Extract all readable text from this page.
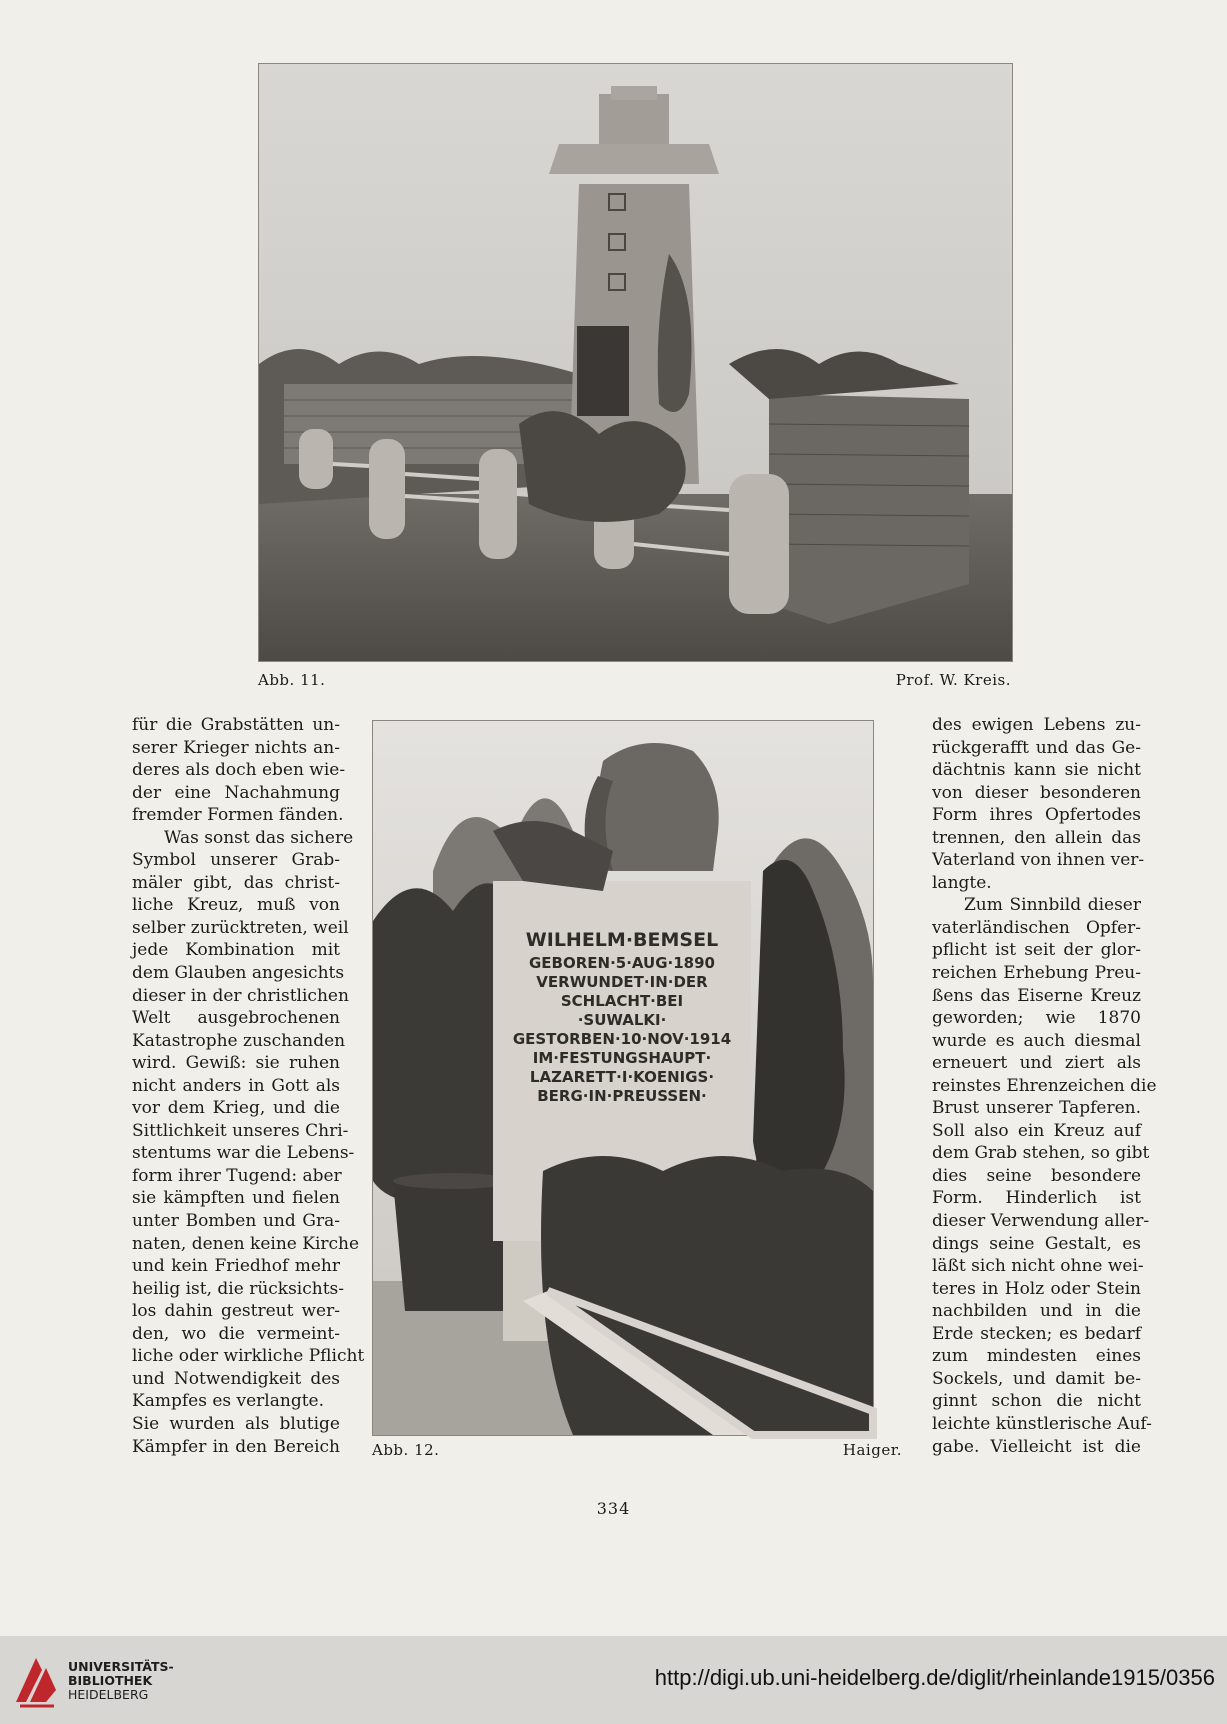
Abb. 11.	Prof. W. Kreis.
für die Grabstätten un-
serer Krieger nichts an-
deres als doch eben wie-
der eine Nachahmung
fremder Formen fänden.
Was sonst das sichere
Symbol unserer Grab-
mäler gibt, das christ-
liche Kreuz, muß von
selber zurücktreten, weil
jede Kombination mit
dem Glauben angesichts
dieser in der christlichen
Welt ausgebrochenen
Katastrophe zuschanden
wird. Gewiß: sie ruhen
nicht anders in Gott als
vor dem Krieg, und die
Sittlichkeit unseres Chri-
stentums war die Lebens-
form ihrer Tugend: aber
sie kämpften und fielen
unter Bomben und Gra-
naten, denen keine Kirche
und kein Friedhof mehr
heilig ist, die rücksichts-
los dahin gestreut wer-
den, wo die vermeint-
liche oder wirkliche Pflicht
und Notwendigkeit des
Kampfes es verlangte.
Sie wurden als blutige
Kämpfer in den Bereich
WILHELM·BEMSEL GEBOREN·5·AUG·1890 VERWUNDET·IN·DER SCHLACHT·BEI ·SUWALKI· GESTORBEN·10·NOV·1914 IM·FESTUNGSHAUPT· LAZARETT·I·KOENIGS· BERG·IN·PREUSSEN·
Abb. 12.	Haiger.
des ewigen Lebens zu-
rückgerafft und das Ge-
dächtnis kann sie nicht
von dieser besonderen
Form ihres Opfertodes
trennen, den allein das
Vaterland von ihnen ver-
langte.
Zum Sinnbild dieser
vaterländischen Opfer-
pflicht ist seit der glor-
reichen Erhebung Preu-
ßens das Eiserne Kreuz
geworden; wie 1870
wurde es auch diesmal
erneuert und ziert als
reinstes Ehrenzeichen die
Brust unserer Tapferen.
Soll also ein Kreuz auf
dem Grab stehen, so gibt
dies seine besondere
Form. Hinderlich ist
dieser Verwendung aller-
dings seine Gestalt, es
läßt sich nicht ohne wei-
teres in Holz oder Stein
nachbilden und in die
Erde stecken; es bedarf
zum mindesten eines
Sockels, und damit be-
ginnt schon die nicht
leichte künstlerische Auf-
gabe. Vielleicht ist die
334
UNIVERSITÄTS-
BIBLIOTHEK
HEIDELBERG
http://digi.ub.uni-heidelberg.de/diglit/rheinlande1915/0356
